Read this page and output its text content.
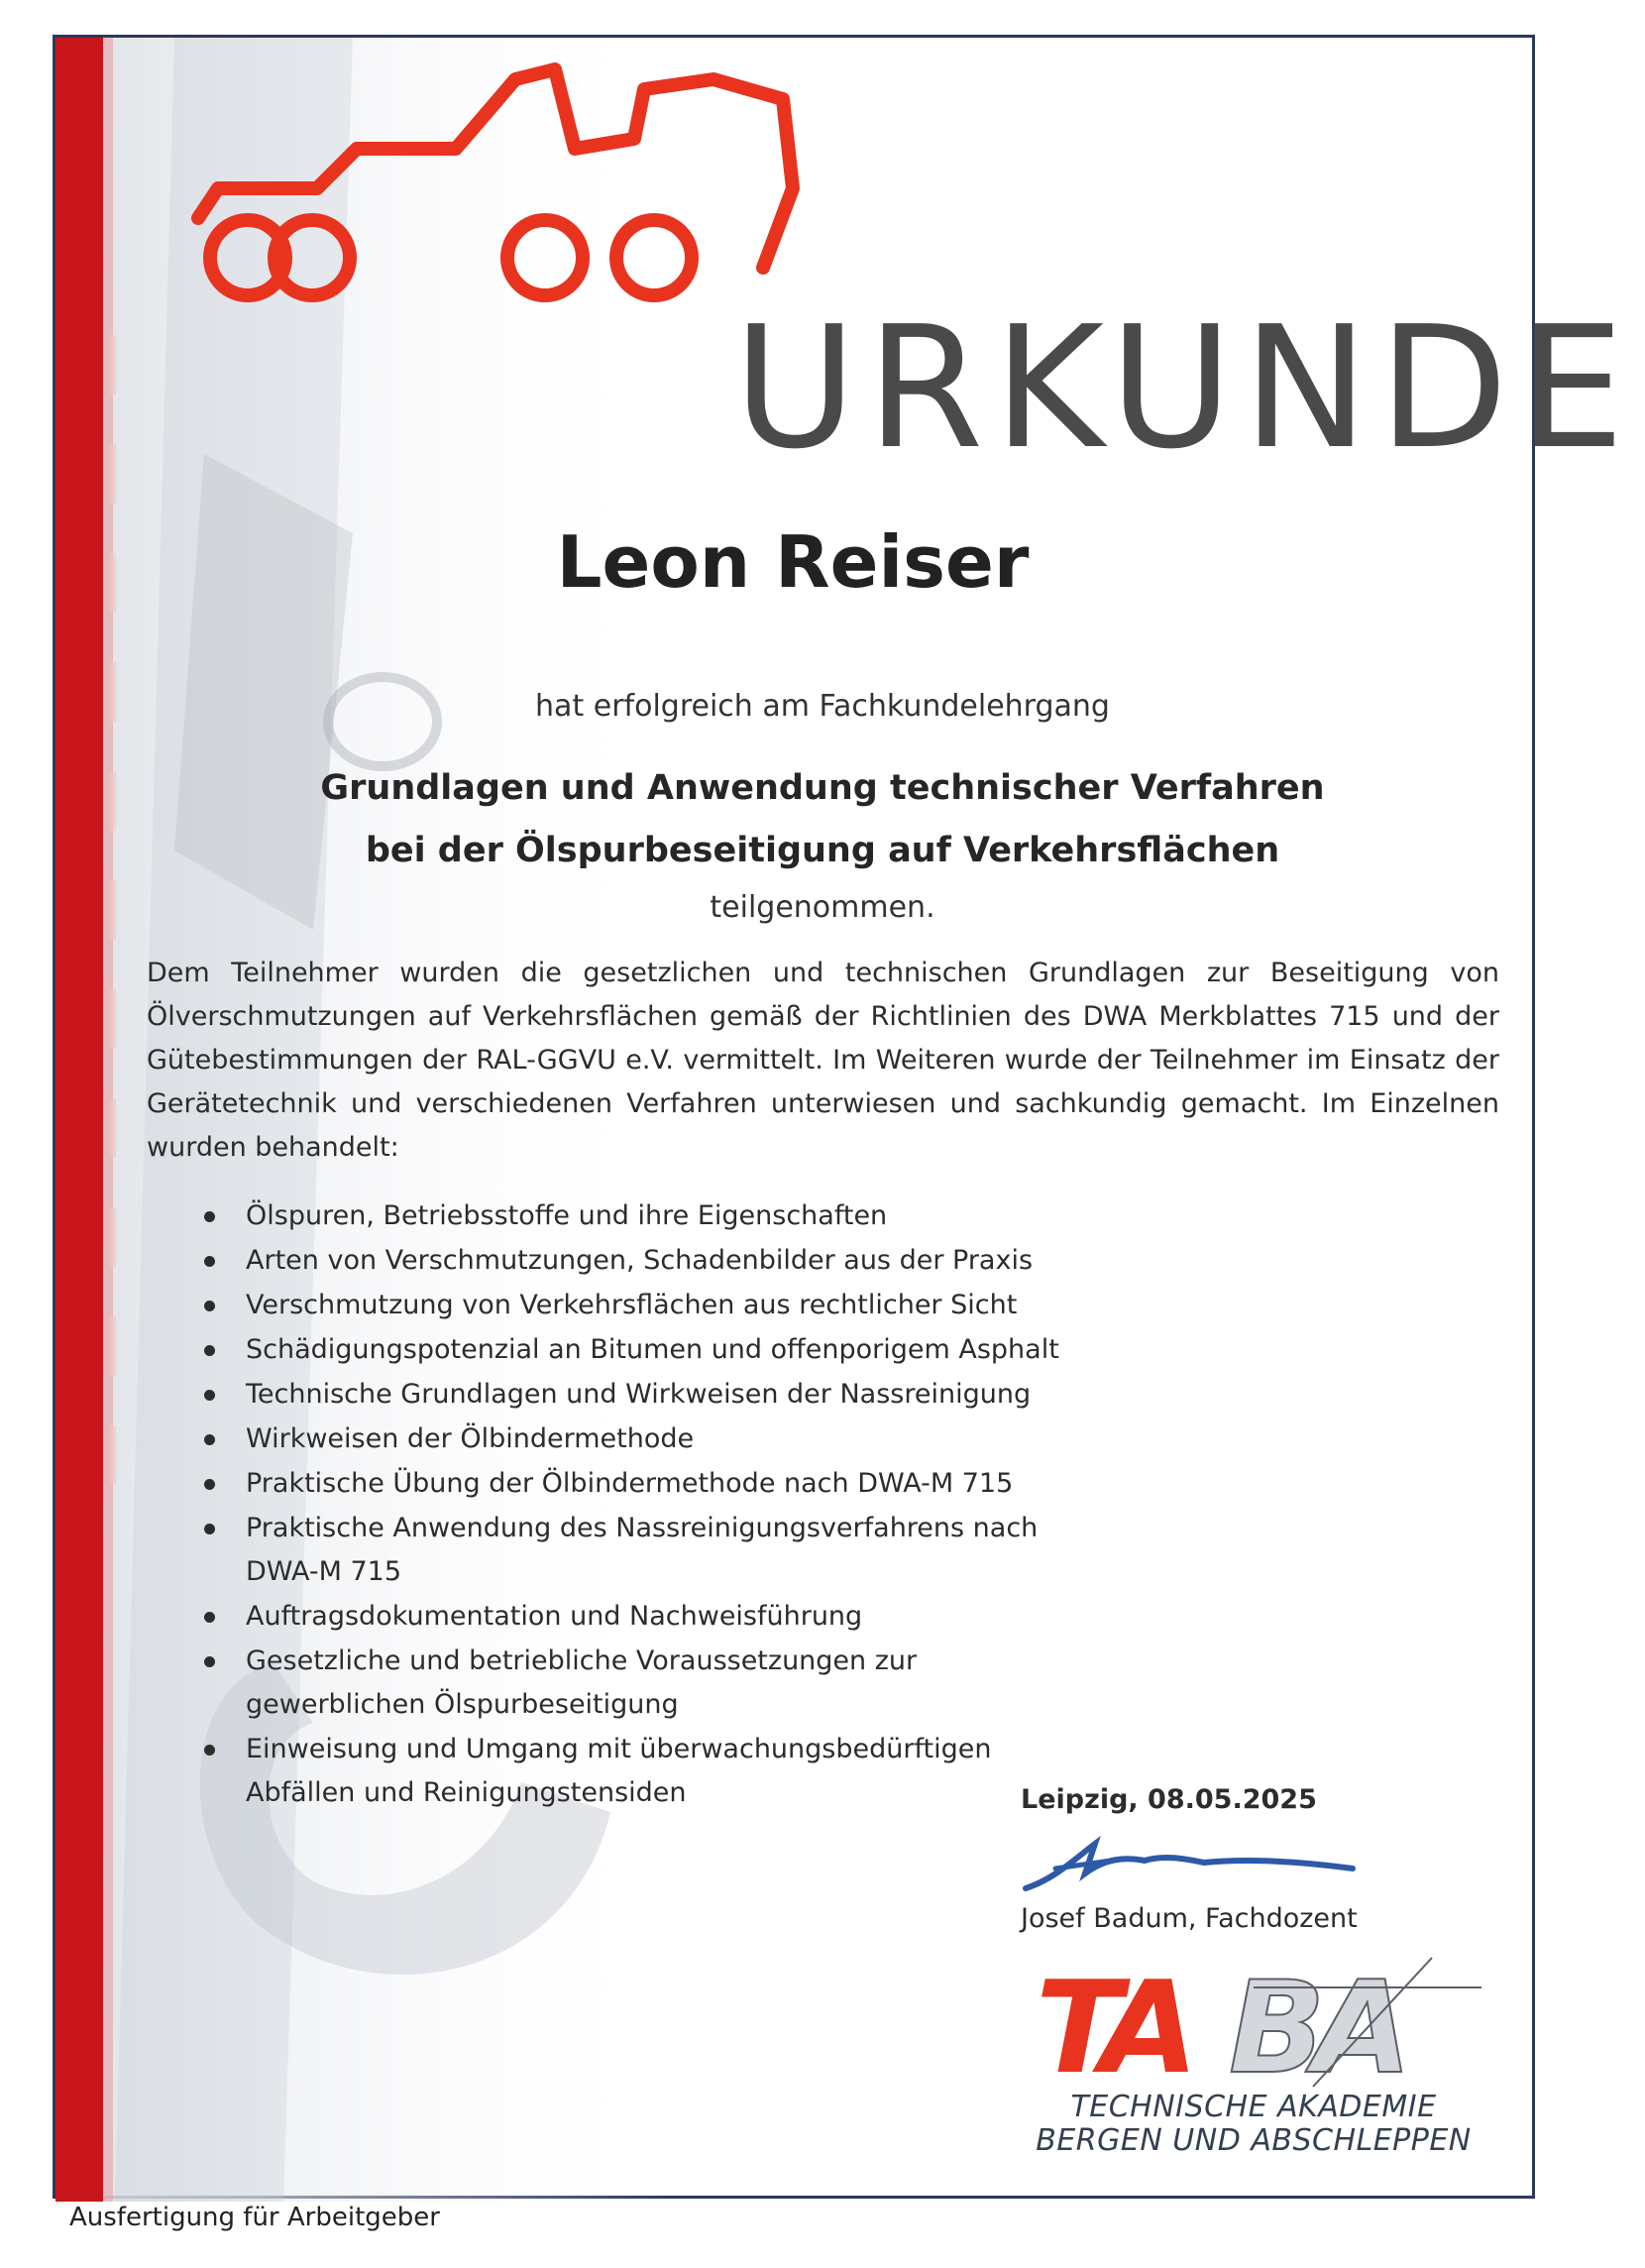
URKUNDE
Leon Reiser
hat erfolgreich am Fachkundelehrgang
Grundlagen und Anwendung technischer Verfahren
bei der Ölspurbeseitigung auf Verkehrsflächen
teilgenommen.
Dem Teilnehmer wurden die gesetzlichen und technischen Grundlagen zur Beseitigung von Ölverschmutzungen auf Verkehrsflächen gemäß der Richtlinien des DWA Merkblattes 715 und der Gütebestimmungen der RAL-GGVU e.V. vermittelt. Im Weiteren wurde der Teilnehmer im Einsatz der Gerätetechnik und verschiedenen Verfahren unterwiesen und sachkundig gemacht. Im Einzelnen wurden behandelt:
Ölspuren, Betriebsstoffe und ihre Eigenschaften
Arten von Verschmutzungen, Schadenbilder aus der Praxis
Verschmutzung von Verkehrsflächen aus rechtlicher Sicht
Schädigungspotenzial an Bitumen und offenporigem Asphalt
Technische Grundlagen und Wirkweisen der Nassreinigung
Wirkweisen der Ölbindermethode
Praktische Übung der Ölbindermethode nach DWA-M 715
Praktische Anwendung des Nassreinigungsverfahrens nach DWA-M 715
Auftragsdokumentation und Nachweisführung
Gesetzliche und betriebliche Voraussetzungen zur gewerblichen Ölspurbeseitigung
Einweisung und Umgang mit überwachungsbedürftigen Abfällen und Reinigungstensiden	Leipzig, 08.05.2025
Josef Badum, Fachdozent
TA BA
TECHNISCHE AKADEMIE
BERGEN UND ABSCHLEPPEN
Ausfertigung für Arbeitgeber
